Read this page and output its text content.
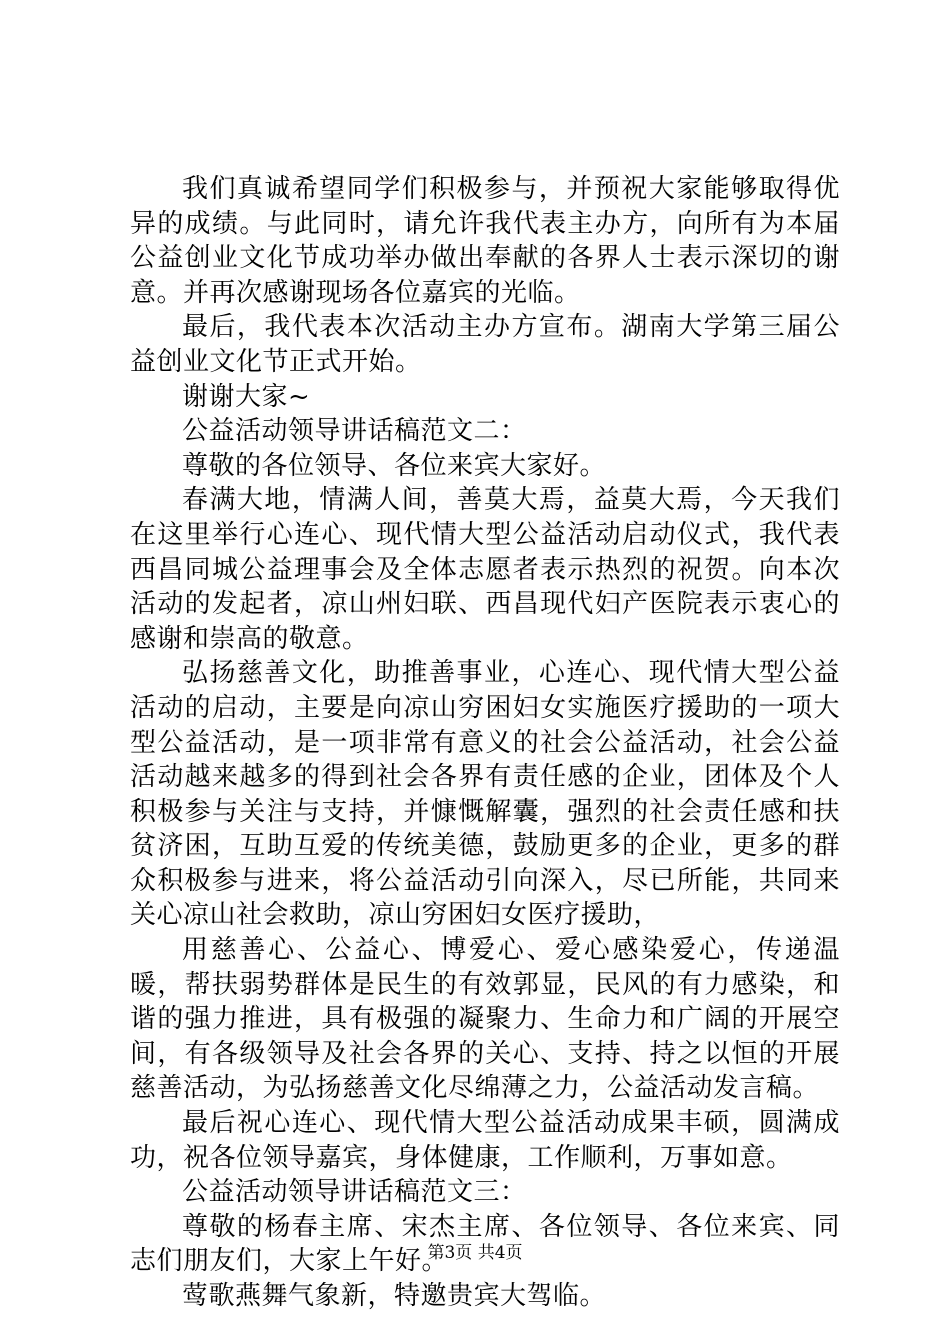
我们真诚希望同学们积极参与，并预祝大家能够取得优异的成绩。与此同时，请允许我代表主办方，向所有为本届公益创业文化节成功举办做出奉献的各界人士表示深切的谢意。并再次感谢现场各位嘉宾的光临。

最后，我代表本次活动主办方宣布。湖南大学第三届公益创业文化节正式开始。

谢谢大家~

公益活动领导讲话稿范文二：

尊敬的各位领导、各位来宾大家好。

春满大地，情满人间，善莫大焉，益莫大焉，今天我们在这里举行心连心、现代情大型公益活动启动仪式，我代表西昌同城公益理事会及全体志愿者表示热烈的祝贺。向本次活动的发起者，凉山州妇联、西昌现代妇产医院表示衷心的感谢和崇高的敬意。

弘扬慈善文化，助推善事业，心连心、现代情大型公益活动的启动，主要是向凉山穷困妇女实施医疗援助的一项大型公益活动，是一项非常有意义的社会公益活动，社会公益活动越来越多的得到社会各界有责任感的企业，团体及个人积极参与关注与支持，并慷慨解囊，强烈的社会责任感和扶贫济困，互助互爱的传统美德，鼓励更多的企业，更多的群众积极参与进来，将公益活动引向深入，尽已所能，共同来关心凉山社会救助，凉山穷困妇女医疗援助，

用慈善心、公益心、博爱心、爱心感染爱心，传递温暖，帮扶弱势群体是民生的有效郭显，民风的有力感染，和谐的强力推进，具有极强的凝聚力、生命力和广阔的开展空间，有各级领导及社会各界的关心、支持、持之以恒的开展慈善活动，为弘扬慈善文化尽绵薄之力，公益活动发言稿。

最后祝心连心、现代情大型公益活动成果丰硕，圆满成功，祝各位领导嘉宾，身体健康，工作顺利，万事如意。

公益活动领导讲话稿范文三：

尊敬的杨春主席、宋杰主席、各位领导、各位来宾、同志们朋友们，大家上午好。

莺歌燕舞气象新，特邀贵宾大驾临。

第3页 共4页
